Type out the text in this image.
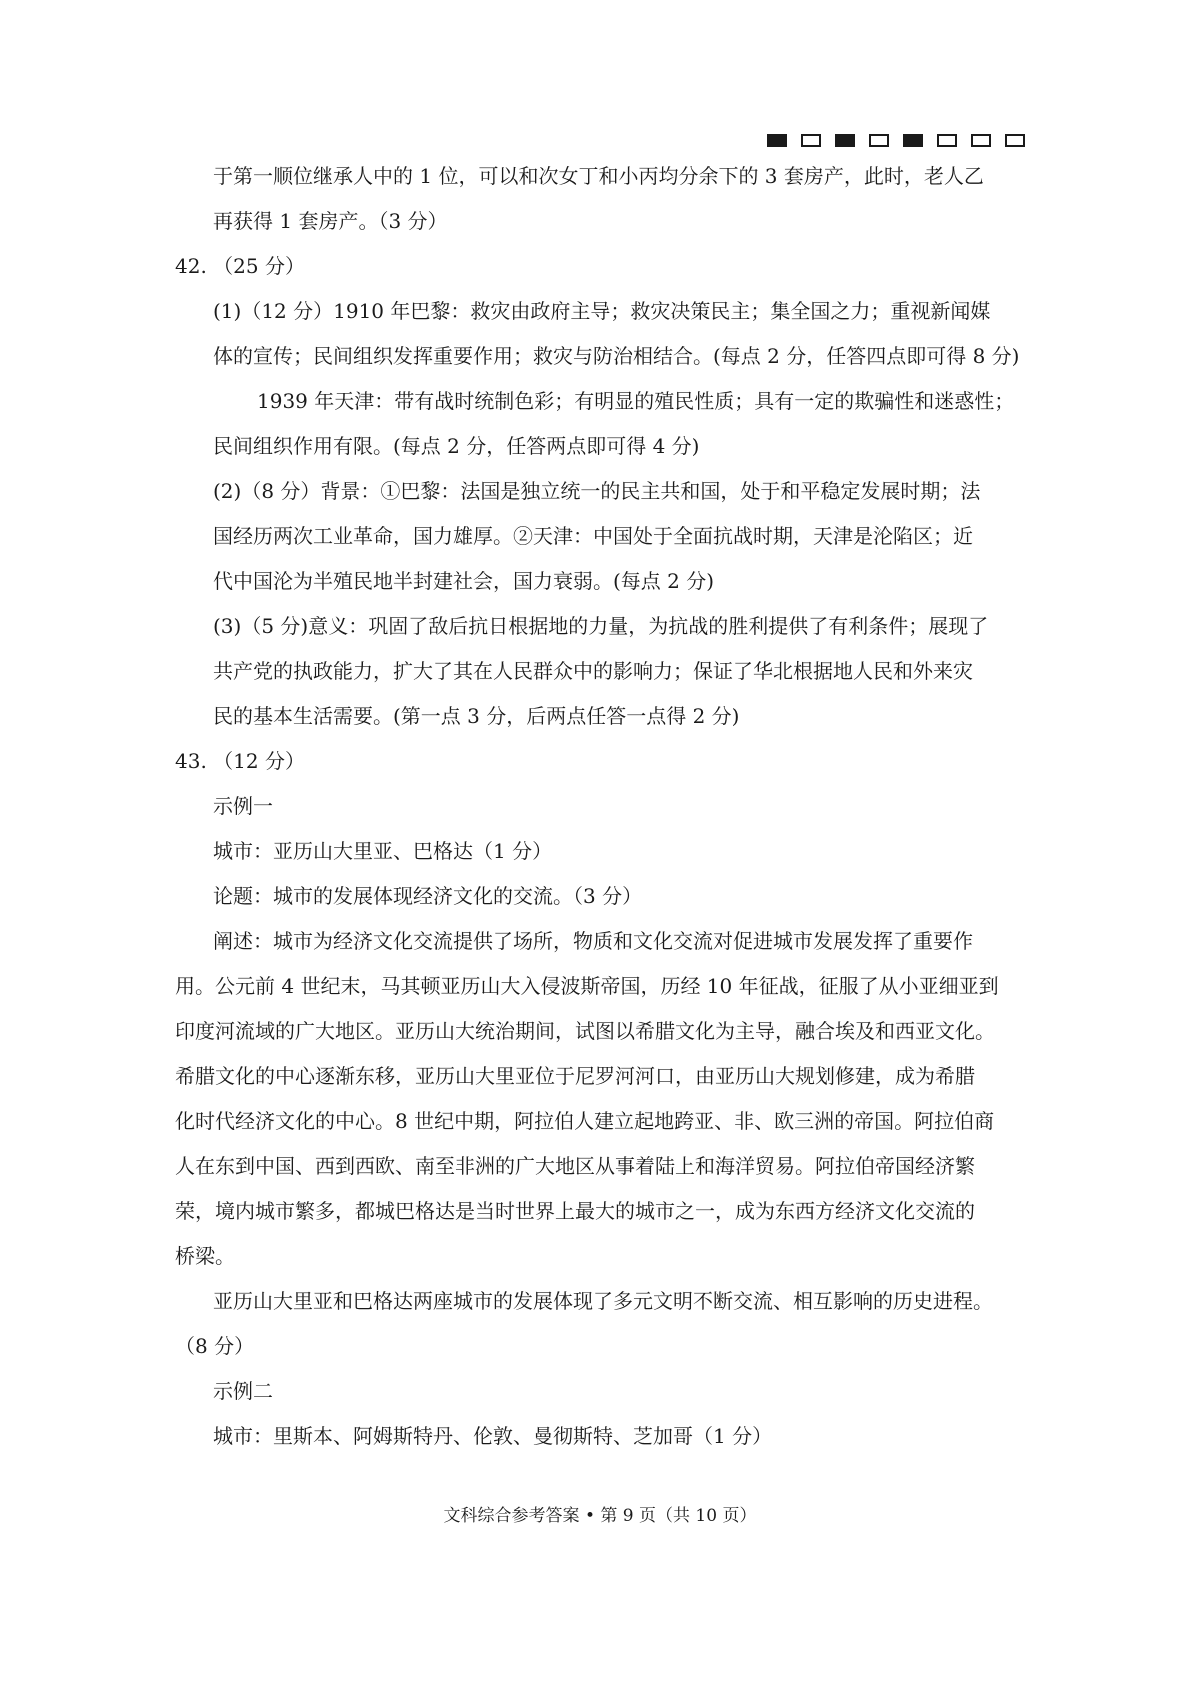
于第一顺位继承人中的 1 位，可以和次女丁和小丙均分余下的 3 套房产，此时，老人乙
再获得 1 套房产。（3 分）
42. （25 分）
(1)（12 分）1910 年巴黎：救灾由政府主导；救灾决策民主；集全国之力；重视新闻媒
体的宣传；民间组织发挥重要作用；救灾与防治相结合。(每点 2 分，任答四点即可得 8 分)
1939 年天津：带有战时统制色彩；有明显的殖民性质；具有一定的欺骗性和迷惑性；
民间组织作用有限。(每点 2 分，任答两点即可得 4 分)
(2)（8 分）背景：①巴黎：法国是独立统一的民主共和国，处于和平稳定发展时期；法
国经历两次工业革命，国力雄厚。②天津：中国处于全面抗战时期，天津是沦陷区；近
代中国沦为半殖民地半封建社会，国力衰弱。(每点 2 分)
(3)（5 分)意义：巩固了敌后抗日根据地的力量，为抗战的胜利提供了有利条件；展现了
共产党的执政能力，扩大了其在人民群众中的影响力；保证了华北根据地人民和外来灾
民的基本生活需要。(第一点 3 分，后两点任答一点得 2 分)
43. （12 分）
示例一
城市：亚历山大里亚、巴格达（1 分）
论题：城市的发展体现经济文化的交流。（3 分）
阐述：城市为经济文化交流提供了场所，物质和文化交流对促进城市发展发挥了重要作
用。公元前 4 世纪末，马其顿亚历山大入侵波斯帝国，历经 10 年征战，征服了从小亚细亚到
印度河流域的广大地区。亚历山大统治期间，试图以希腊文化为主导，融合埃及和西亚文化。
希腊文化的中心逐渐东移，亚历山大里亚位于尼罗河河口，由亚历山大规划修建，成为希腊
化时代经济文化的中心。8 世纪中期，阿拉伯人建立起地跨亚、非、欧三洲的帝国。阿拉伯商
人在东到中国、西到西欧、南至非洲的广大地区从事着陆上和海洋贸易。阿拉伯帝国经济繁
荣，境内城市繁多，都城巴格达是当时世界上最大的城市之一，成为东西方经济文化交流的
桥梁。
亚历山大里亚和巴格达两座城市的发展体现了多元文明不断交流、相互影响的历史进程。
（8 分）
示例二
城市：里斯本、阿姆斯特丹、伦敦、曼彻斯特、芝加哥（1 分）
文科综合参考答案 • 第 9 页（共 10 页）
